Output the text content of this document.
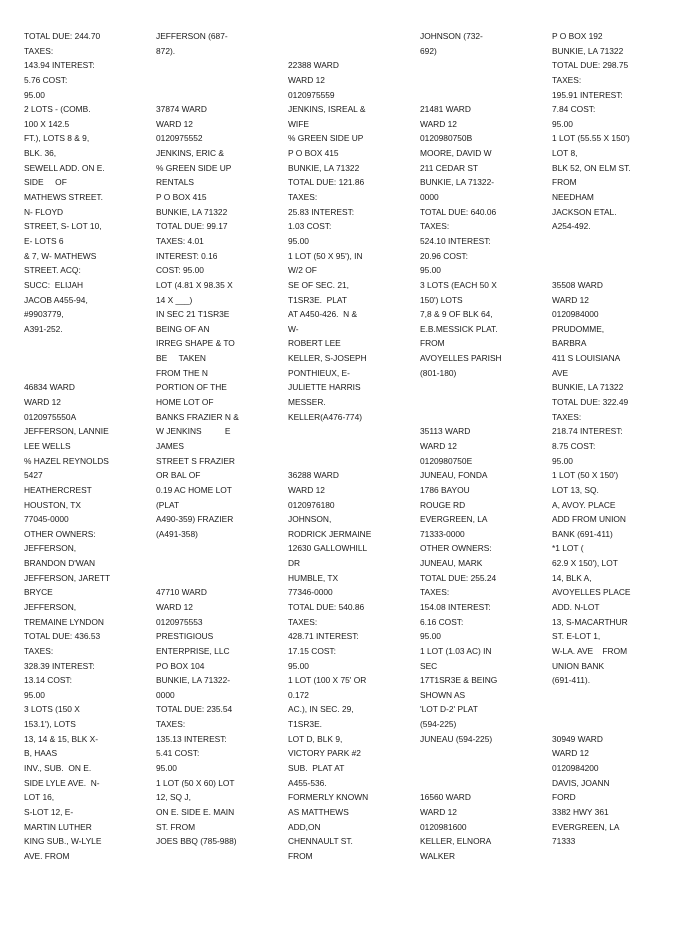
TOTAL DUE: 244.70
TAXES:
143.94 INTEREST:
5.76 COST:
95.00
2 LOTS - (COMB.
100 X 142.5
FT.), LOTS 8 & 9,
BLK. 36,
SEWELL ADD. ON E.
SIDE     OF
MATHEWS STREET.
N- FLOYD
STREET, S- LOT 10,
E- LOTS 6
& 7, W- MATHEWS
STREET. ACQ:
SUCC:  ELIJAH
JACOB A455-94,
#9903779,
A391-252.
46834 WARD
WARD 12
0120975550A
JEFFERSON, LANNIE
LEE WELLS
% HAZEL REYNOLDS
5427
HEATHERCREST
HOUSTON, TX
77045-0000
OTHER OWNERS:
JEFFERSON,
BRANDON D'WAN
JEFFERSON, JARETT
BRYCE
JEFFERSON,
TREMAINE LYNDON
TOTAL DUE: 436.53
TAXES:
328.39 INTEREST:
13.14 COST:
95.00
3 LOTS (150 X
153.1'), LOTS
13, 14 & 15, BLK X-
B, HAAS
INV., SUB.  ON E.
SIDE LYLE AVE.  N-
LOT 16,
S-LOT 12, E-
MARTIN LUTHER
KING SUB., W-LYLE
AVE. FROM
JEFFERSON (687-
872).
37874 WARD
WARD 12
0120975552
JENKINS, ERIC &
% GREEN SIDE UP
RENTALS
P O BOX 415
BUNKIE, LA 71322
TOTAL DUE: 99.17
TAXES: 4.01
INTEREST: 0.16
COST: 95.00
LOT (4.81 X 98.35 X
14 X ___)
IN SEC 21 T1SR3E
BEING OF AN
IRREG SHAPE & TO
BE     TAKEN
FROM THE N
PORTION OF THE
HOME LOT OF
BANKS FRAZIER N &
W JENKINS          E
JAMES
STREET S FRAZIER
OR BAL OF
0.19 AC HOME LOT
(PLAT
A490-359) FRAZIER
(A491-358)
47710 WARD
WARD 12
0120975553
PRESTIGIOUS
ENTERPRISE, LLC
PO BOX 104
BUNKIE, LA 71322-
0000
TOTAL DUE: 235.54
TAXES:
135.13 INTEREST:
5.41 COST:
95.00
1 LOT (50 X 60) LOT
12, SQ J,
ON E. SIDE E. MAIN
ST. FROM
JOES BBQ (785-988)
22388 WARD
WARD 12
0120975559
JENKINS, ISREAL &
WIFE
% GREEN SIDE UP
P O BOX 415
BUNKIE, LA 71322
TOTAL DUE: 121.86
TAXES:
25.83 INTEREST:
1.03 COST:
95.00
1 LOT (50 X 95'), IN
W/2 OF
SE OF SEC. 21,
T1SR3E.  PLAT
AT A450-426.  N &
W-
ROBERT LEE
KELLER, S-JOSEPH
PONTHIEUX, E-
JULIETTE HARRIS
MESSER.
KELLER(A476-774)
36288 WARD
WARD 12
0120976180
JOHNSON,
RODRICK JERMAINE
12630 GALLOWHILL
DR
HUMBLE, TX
77346-0000
TOTAL DUE: 540.86
TAXES:
428.71 INTEREST:
17.15 COST:
95.00
1 LOT (100 X 75' OR
0.172
AC.), IN SEC. 29,
T1SR3E.
LOT D, BLK 9,
VICTORY PARK #2
SUB.  PLAT AT
A455-536.
FORMERLY KNOWN
AS MATTHEWS
ADD,ON
CHENNAULT ST.
FROM
JOHNSON (732-
692)
21481 WARD
WARD 12
0120980750B
MOORE, DAVID W
211 CEDAR ST
BUNKIE, LA 71322-
0000
TOTAL DUE: 640.06
TAXES:
524.10 INTEREST:
20.96 COST:
95.00
3 LOTS (EACH 50 X
150') LOTS
7,8 & 9 OF BLK 64,
E.B.MESSICK PLAT.
FROM
AVOYELLES PARISH
(801-180)
35113 WARD
WARD 12
0120980750E
JUNEAU, FONDA
1786 BAYOU
ROUGE RD
EVERGREEN, LA
71333-0000
OTHER OWNERS:
JUNEAU, MARK
TOTAL DUE: 255.24
TAXES:
154.08 INTEREST:
6.16 COST:
95.00
1 LOT (1.03 AC) IN
SEC
17T1SR3E & BEING
SHOWN AS
'LOT D-2' PLAT
(594-225)
JUNEAU (594-225)
16560 WARD
WARD 12
0120981600
KELLER, ELNORA
WALKER
P O BOX 192
BUNKIE, LA 71322
TOTAL DUE: 298.75
TAXES:
195.91 INTEREST:
7.84 COST:
95.00
1 LOT (55.55 X 150')
LOT 8,
BLK 52, ON ELM ST.
FROM
NEEDHAM
JACKSON ETAL.
A254-492.
35508 WARD
WARD 12
0120984000
PRUDOMME,
BARBRA
411 S LOUISIANA
AVE
BUNKIE, LA 71322
TOTAL DUE: 322.49
TAXES:
218.74 INTEREST:
8.75 COST:
95.00
1 LOT (50 X 150')
LOT 13, SQ.
A, AVOY. PLACE
ADD FROM UNION
BANK (691-411)
*1 LOT (
62.9 X 150'), LOT
14, BLK A,
AVOYELLES PLACE
ADD. N-LOT
13, S-MACARTHUR
ST. E-LOT 1,
W-LA. AVE    FROM
UNION BANK
(691-411).
30949 WARD
WARD 12
0120984200
DAVIS, JOANN
FORD
3382 HWY 361
EVERGREEN, LA
71333
